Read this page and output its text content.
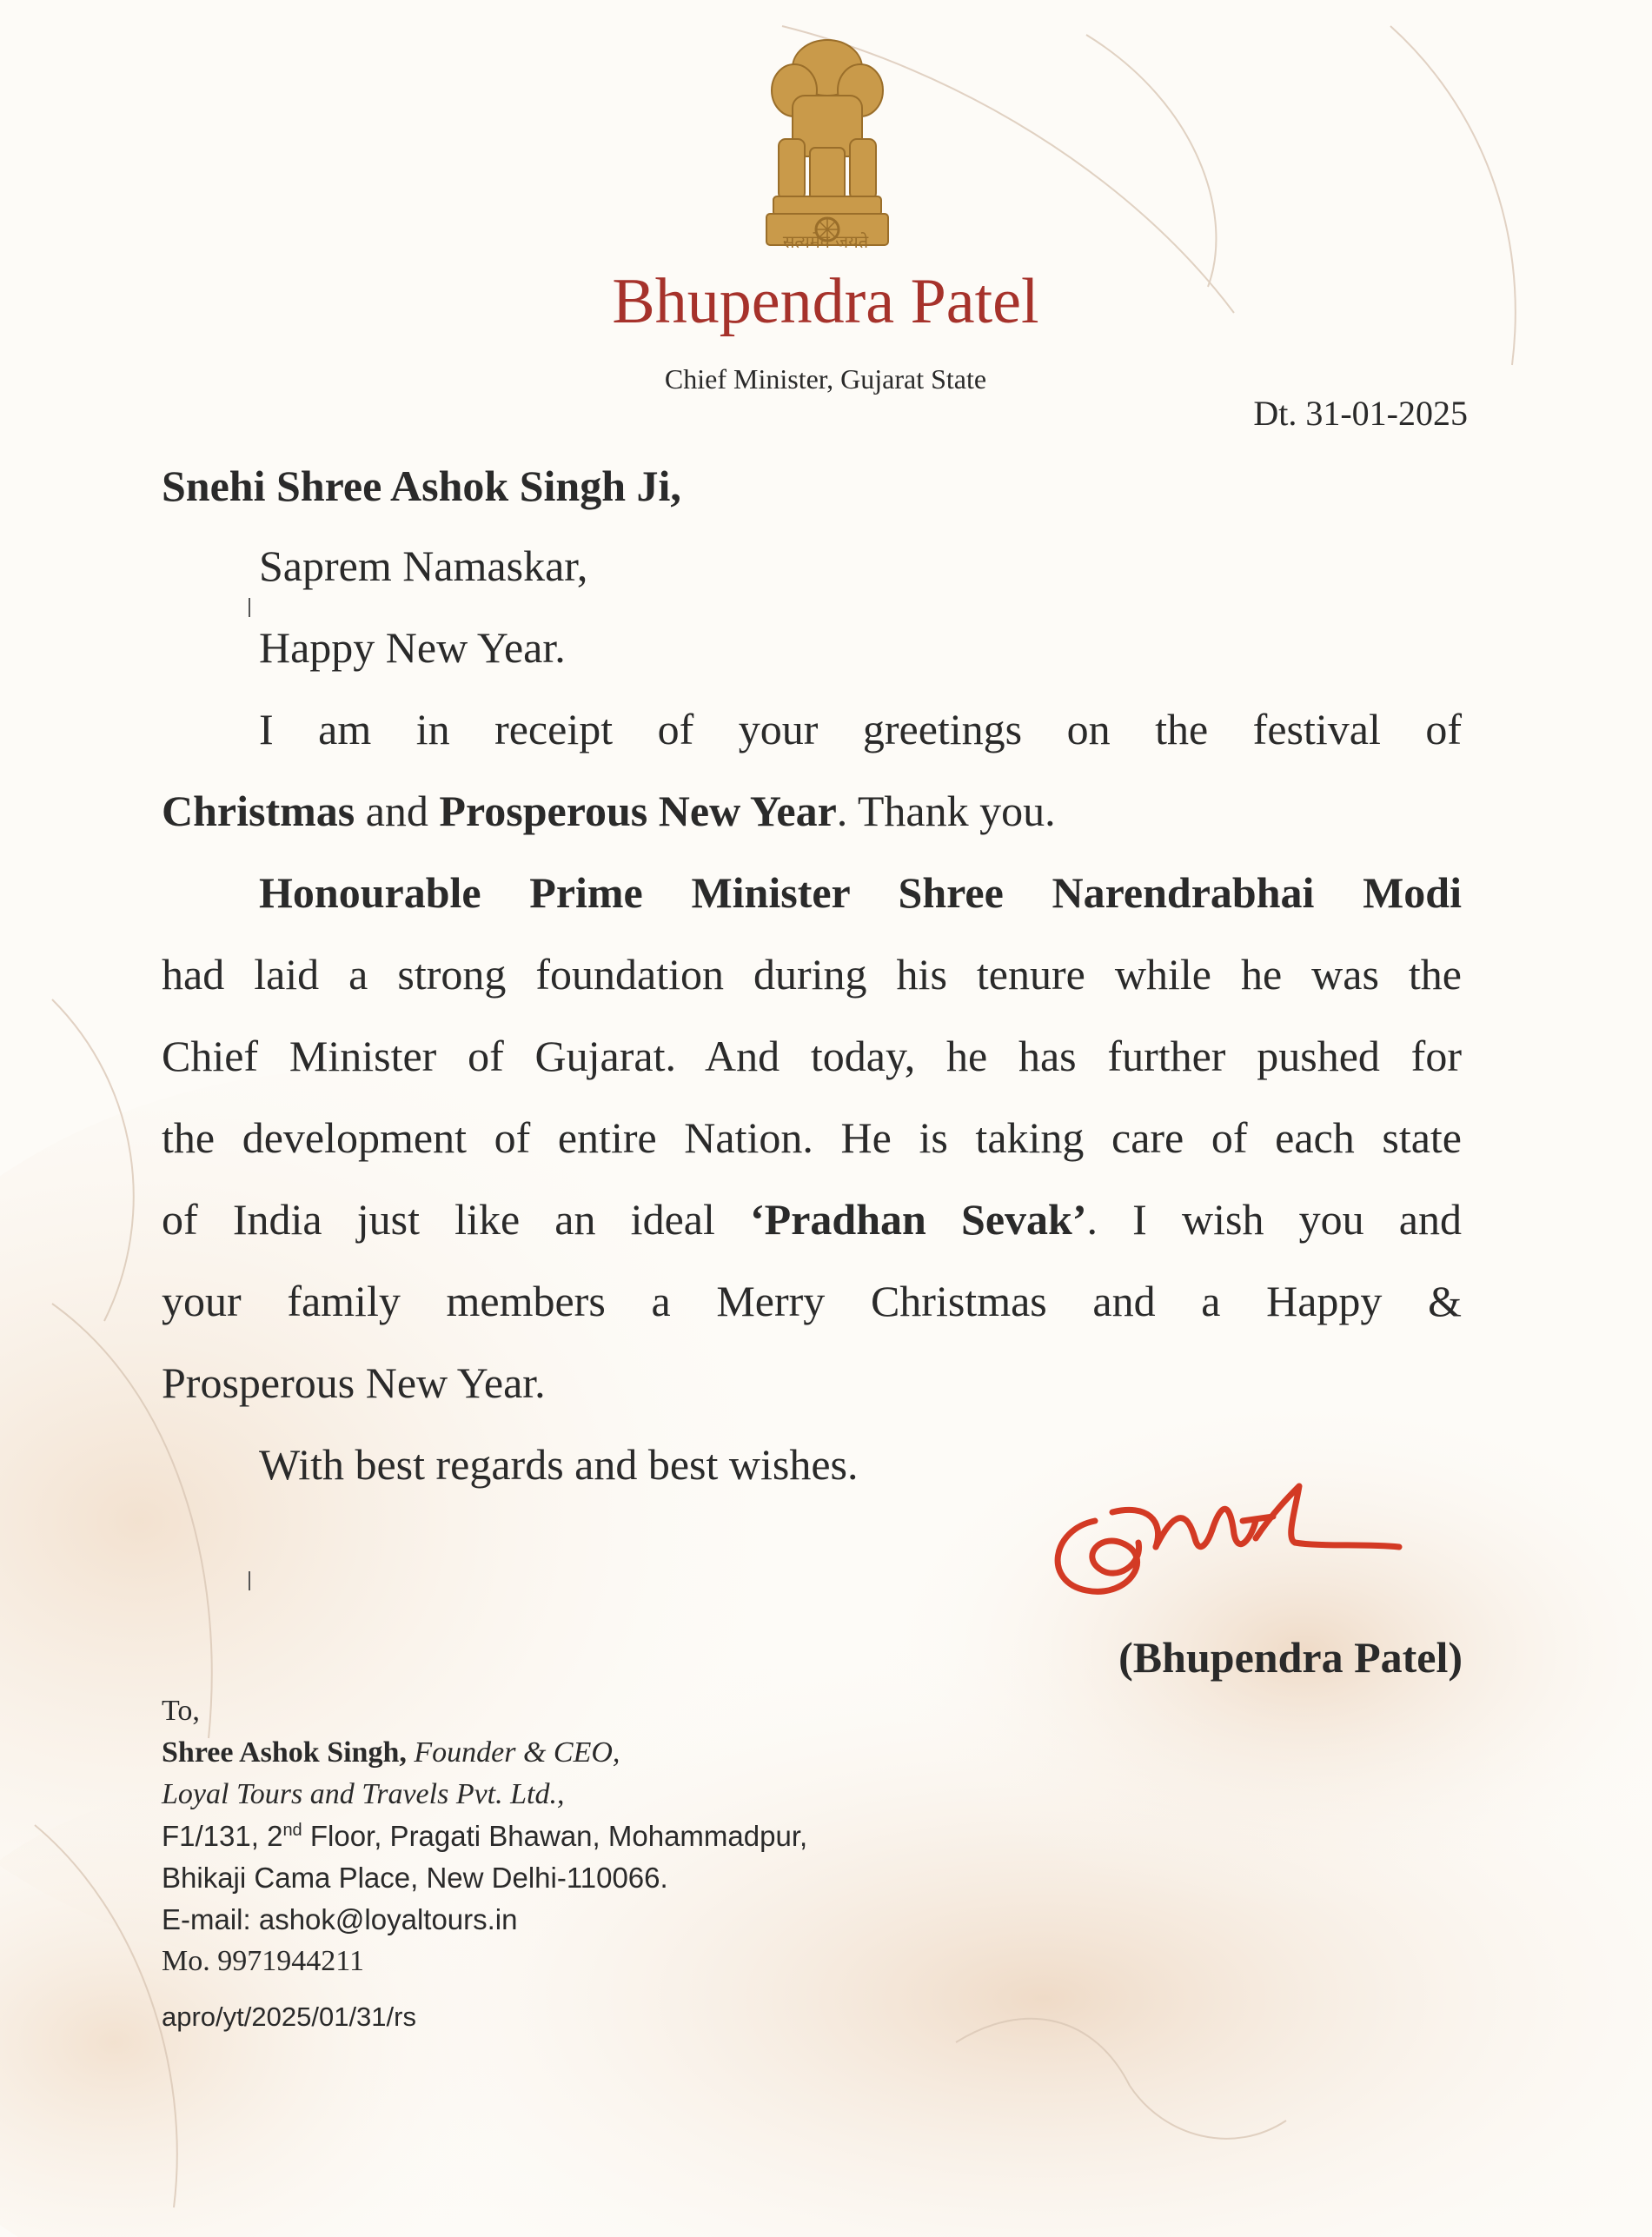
सत्यमेव जयते
Bhupendra Patel
Chief Minister, Gujarat State
Dt. 31-01-2025
Snehi Shree Ashok Singh Ji,
Saprem Namaskar,
Happy New Year.
I am in receipt of your greetings on the festival of
Christmas and Prosperous New Year. Thank you.
Honourable Prime Minister Shree Narendrabhai Modi
had laid a strong foundation during his tenure while he was the
Chief Minister of Gujarat. And today, he has further pushed for
the development of entire Nation. He is taking care of each state
of India just like an ideal ‘Pradhan Sevak’. I wish you and
your family members a Merry Christmas and a Happy &
Prosperous New Year.
With best regards and best wishes.
(Bhupendra Patel)
To,
Shree Ashok Singh, Founder & CEO,
Loyal Tours and Travels Pvt. Ltd.,
F1/131, 2nd Floor, Pragati Bhawan, Mohammadpur,
Bhikaji Cama Place, New Delhi-110066.
E-mail: ashok@loyaltours.in
Mo. 9971944211
apro/yt/2025/01/31/rs
